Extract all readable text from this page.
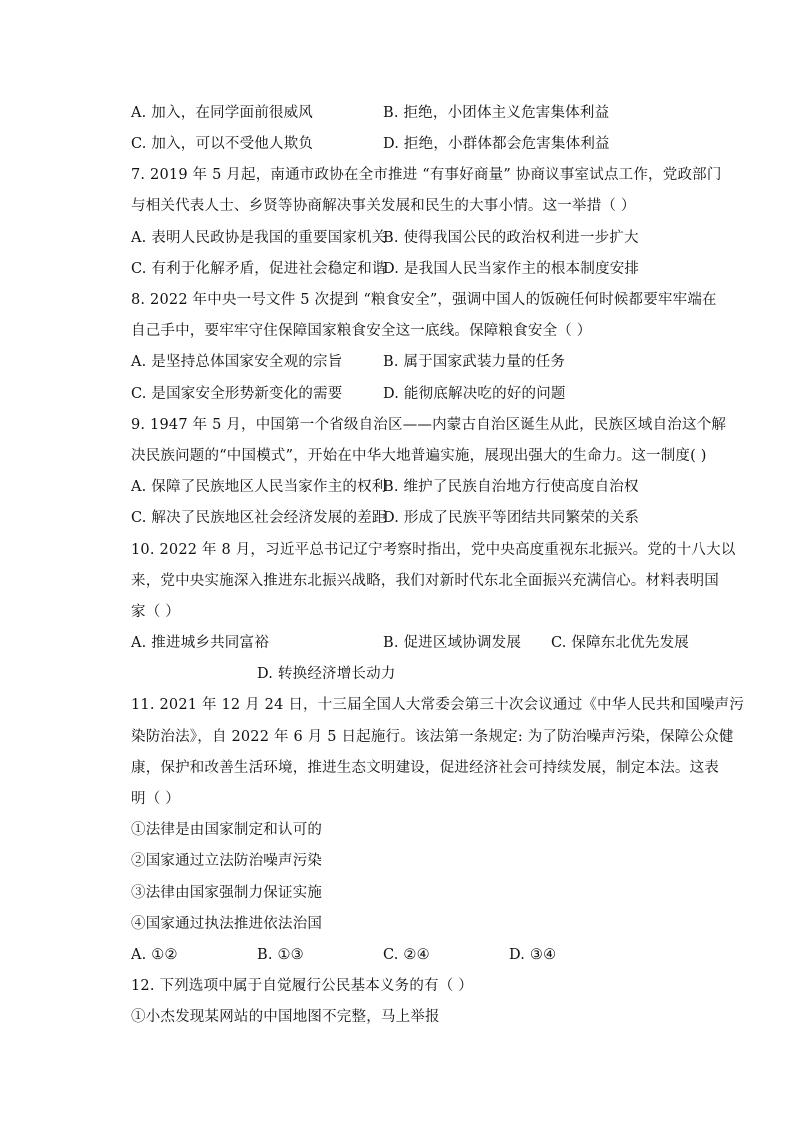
A. 加入，在同学面前很威风	B. 拒绝，小团体主义危害集体利益
C. 加入，可以不受他人欺负	D. 拒绝，小群体都会危害集体利益
7. 2019 年 5 月起，南通市政协在全市推进 “有事好商量” 协商议事室试点工作，党政部门
与相关代表人士、乡贤等协商解决事关发展和民生的大事小情。这一举措（ ）
A. 表明人民政协是我国的重要国家机关
B. 使得我国公民的政治权利进一步扩大
C. 有利于化解矛盾，促进社会稳定和谐
D. 是我国人民当家作主的根本制度安排
8. 2022 年中央一号文件 5 次提到 “粮食安全”，强调中国人的饭碗任何时候都要牢牢端在
自己手中，要牢牢守住保障国家粮食安全这一底线。保障粮食安全（ ）
A. 是坚持总体国家安全观的宗旨	B. 属于国家武装力量的任务
C. 是国家安全形势新变化的需要	D. 能彻底解决吃的好的问题
9. 1947 年 5 月，中国第一个省级自治区——内蒙古自治区诞生从此，民族区域自治这个解
决民族问题的“中国模式”，开始在中华大地普遍实施，展现出强大的生命力。这一制度( )
A. 保障了民族地区人民当家作主的权利
B. 维护了民族自治地方行使高度自治权
C. 解决了民族地区社会经济发展的差距
D. 形成了民族平等团结共同繁荣的关系
10. 2022 年 8 月，习近平总书记辽宁考察时指出，党中央高度重视东北振兴。党的十八大以
来，党中央实施深入推进东北振兴战略，我们对新时代东北全面振兴充满信心。材料表明国
家（ ）
A. 推进城乡共同富裕	B. 促进区域协调发展 C. 保障东北优先发展
D. 转换经济增长动力
11. 2021 年 12 月 24 日，十三届全国人大常委会第三十次会议通过《中华人民共和国噪声污
染防治法》，自 2022 年 6 月 5 日起施行。该法第一条规定: 为了防治噪声污染，保障公众健
康，保护和改善生活环境，推进生态文明建设，促进经济社会可持续发展，制定本法。这表
明（ ）
①法律是由国家制定和认可的
②国家通过立法防治噪声污染
③法律由国家强制力保证实施
④国家通过执法推进依法治国
A. ①②	B. ①③	C. ②④	D. ③④
12. 下列选项中属于自觉履行公民基本义务的有（ ）
①小杰发现某网站的中国地图不完整，马上举报
